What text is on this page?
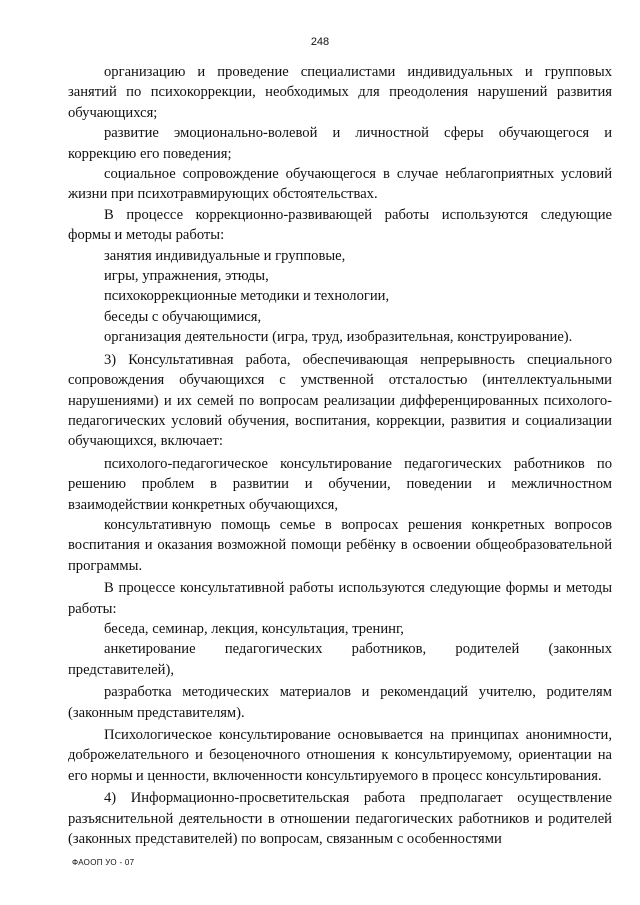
248

организацию и проведение специалистами индивидуальных и групповых занятий по психокоррекции, необходимых для преодоления нарушений развития обучающихся;

развитие эмоционально-волевой и личностной сферы обучающегося и коррекцию его поведения;

социальное сопровождение обучающегося в случае неблагоприятных условий жизни при психотравмирующих обстоятельствах.

В процессе коррекционно-развивающей работы используются следующие формы и методы работы:

занятия индивидуальные и групповые,

игры, упражнения, этюды,

психокоррекционные методики и технологии,

беседы с обучающимися,

организация деятельности (игра, труд, изобразительная, конструирование).

3) Консультативная работа, обеспечивающая непрерывность специального сопровождения обучающихся с умственной отсталостью (интеллектуальными нарушениями) и их семей по вопросам реализации дифференцированных психолого-педагогических условий обучения, воспитания, коррекции, развития и социализации обучающихся, включает:

психолого-педагогическое консультирование педагогических работников по решению проблем в развитии и обучении, поведении и межличностном взаимодействии конкретных обучающихся,

консультативную помощь семье в вопросах решения конкретных вопросов воспитания и оказания возможной помощи ребёнку в освоении общеобразовательной программы.

В процессе консультативной работы используются следующие формы и методы работы:

беседа, семинар, лекция, консультация, тренинг,

анкетирование педагогических работников, родителей (законных представителей),

разработка методических материалов и рекомендаций учителю, родителям (законным представителям).

Психологическое консультирование основывается на принципах анонимности, доброжелательного и безоценочного отношения к консультируемому, ориентации на его нормы и ценности, включенности консультируемого в процесс консультирования.

4) Информационно-просветительская работа предполагает осуществление разъяснительной деятельности в отношении педагогических работников и родителей (законных представителей) по вопросам, связанным с особенностями

ФАООП УО - 07
